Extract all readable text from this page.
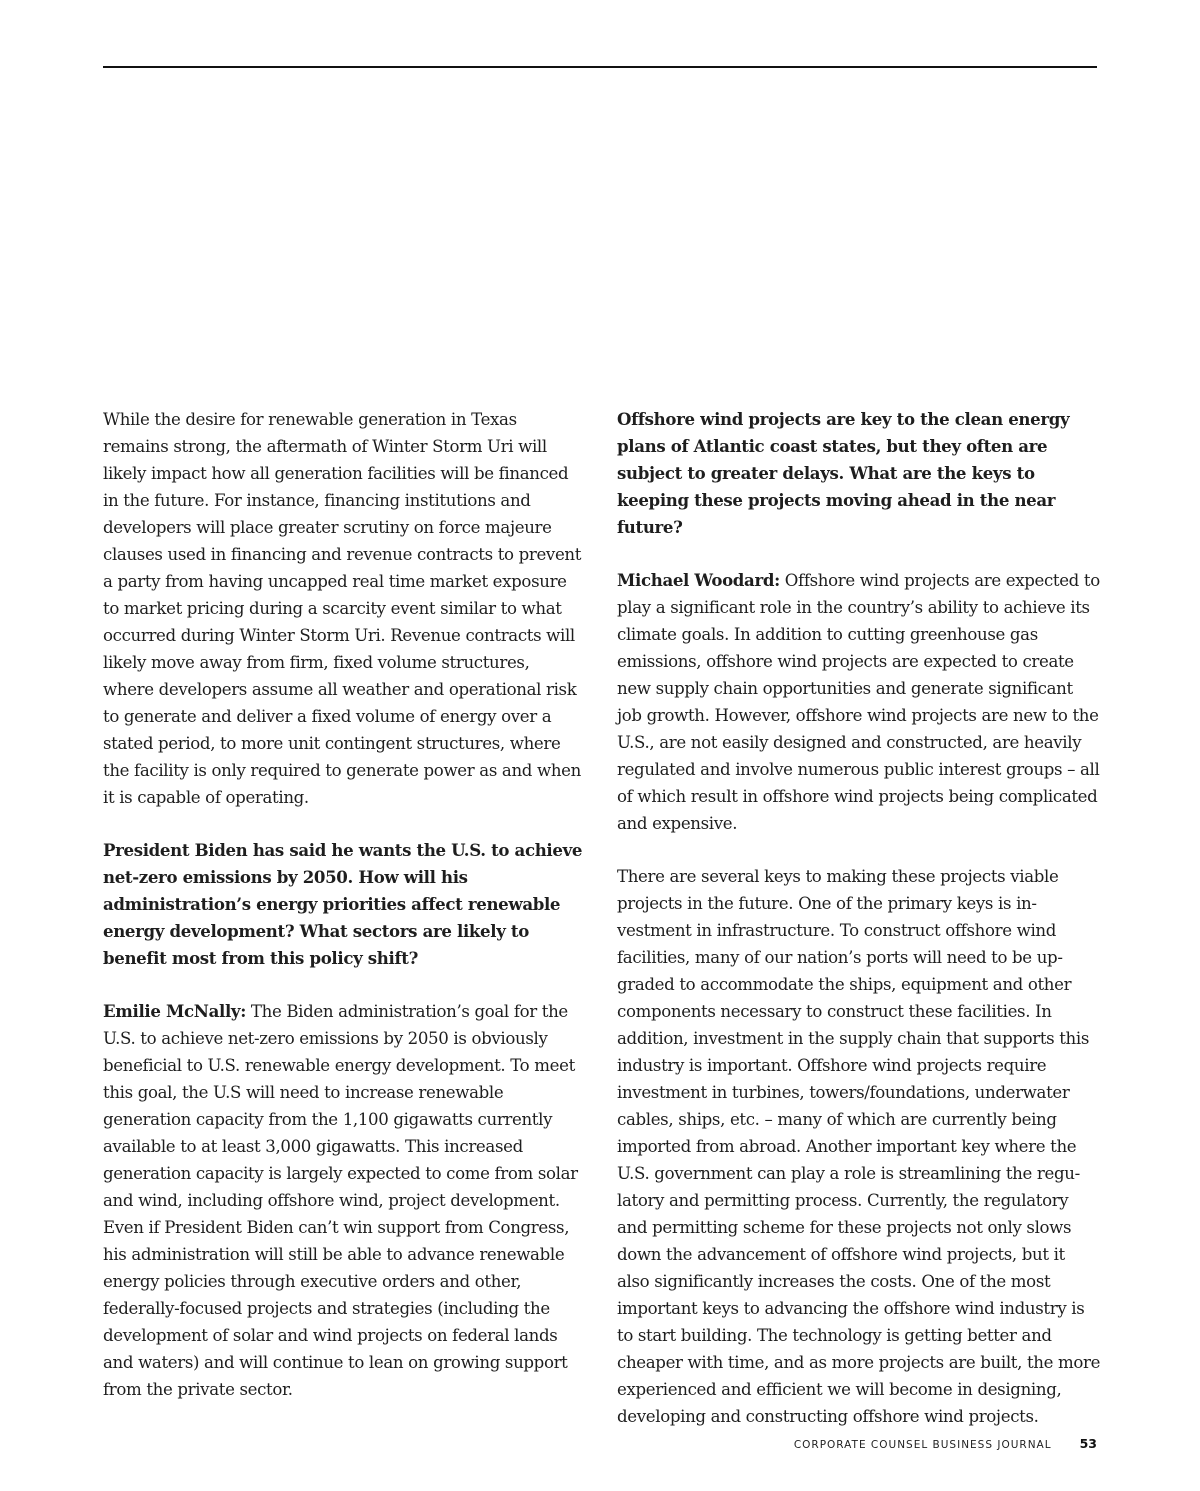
While the desire for renewable generation in Texas remains strong, the aftermath of Winter Storm Uri will likely impact how all generation facilities will be financed in the future. For instance, financing institutions and developers will place greater scrutiny on force majeure clauses used in financing and revenue contracts to prevent a party from having uncapped real time market exposure to market pricing during a scarcity event similar to what occurred during Winter Storm Uri. Revenue contracts will likely move away from firm, fixed volume structures, where developers assume all weather and operational risk to generate and deliver a fixed volume of energy over a stated period, to more unit contingent structures, where the facility is only required to generate power as and when it is capable of operating.

President Biden has said he wants the U.S. to achieve net-zero emissions by 2050. How will his administration’s energy priorities affect renewable energy development? What sectors are likely to benefit most from this policy shift?

Emilie McNally: The Biden administration’s goal for the U.S. to achieve net-zero emissions by 2050 is obviously beneficial to U.S. renewable energy development. To meet this goal, the U.S will need to increase renewable generation capacity from the 1,100 gigawatts currently available to at least 3,000 gigawatts. This increased generation capacity is largely expected to come from solar and wind, including offshore wind, project development. Even if President Biden can’t win support from Congress, his administration will still be able to advance renewable energy policies through executive orders and other, federally-focused projects and strategies (including the development of solar and wind projects on federal lands and waters) and will continue to lean on growing support from the private sector.

Offshore wind projects are key to the clean energy plans of Atlantic coast states, but they often are subject to greater delays. What are the keys to keeping these projects moving ahead in the near future?

Michael Woodard: Offshore wind projects are expected to play a significant role in the country’s ability to achieve its climate goals. In addition to cutting greenhouse gas emissions, offshore wind projects are expected to create new supply chain opportunities and generate significant job growth. However, offshore wind projects are new to the U.S., are not easily designed and constructed, are heavily regulated and involve numerous public interest groups – all of which result in offshore wind projects being complicated and expensive.

There are several keys to making these projects viable projects in the future. One of the primary keys is investment in infrastructure. To construct offshore wind facilities, many of our nation’s ports will need to be upgraded to accommodate the ships, equipment and other components necessary to construct these facilities. In addition, investment in the supply chain that supports this industry is important. Offshore wind projects require investment in turbines, towers/foundations, underwater cables, ships, etc. – many of which are currently being imported from abroad. Another important key where the U.S. government can play a role is streamlining the regulatory and permitting process. Currently, the regulatory and permitting scheme for these projects not only slows down the advancement of offshore wind projects, but it also significantly increases the costs. One of the most important keys to advancing the offshore wind industry is to start building. The technology is getting better and cheaper with time, and as more projects are built, the more experienced and efficient we will become in designing, developing and constructing offshore wind projects.

CORPORATE COUNSEL BUSINESS JOURNAL 53
